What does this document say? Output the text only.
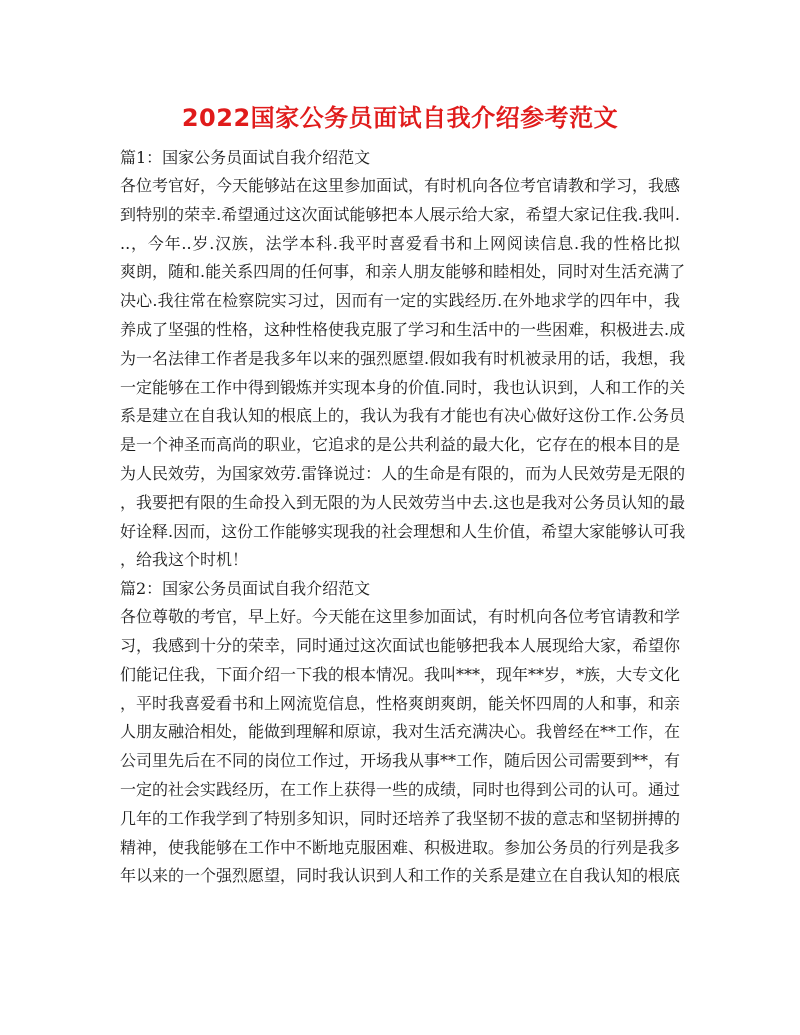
2022国家公务员面试自我介绍参考范文

篇1：国家公务员面试自我介绍范文

各位考官好，今天能够站在这里参加面试，有时机向各位考官请教和学习，我感
到特别的荣幸.希望通过这次面试能够把本人展示给大家，希望大家记住我.我叫.
..，今年..岁.汉族，法学本科.我平时喜爱看书和上网阅读信息.我的性格比拟
爽朗，随和.能关系四周的任何事，和亲人朋友能够和睦相处，同时对生活充满了
决心.我往常在检察院实习过，因而有一定的实践经历.在外地求学的四年中，我
养成了坚强的性格，这种性格使我克服了学习和生活中的一些困难，积极进去.成
为一名法律工作者是我多年以来的强烈愿望.假如我有时机被录用的话，我想，我
一定能够在工作中得到锻炼并实现本身的价值.同时，我也认识到，人和工作的关
系是建立在自我认知的根底上的，我认为我有才能也有决心做好这份工作.公务员
是一个神圣而高尚的职业，它追求的是公共利益的最大化，它存在的根本目的是
为人民效劳，为国家效劳.雷锋说过：人的生命是有限的，而为人民效劳是无限的
，我要把有限的生命投入到无限的为人民效劳当中去.这也是我对公务员认知的最
好诠释.因而，这份工作能够实现我的社会理想和人生价值，希望大家能够认可我
，给我这个时机！

篇2：国家公务员面试自我介绍范文

各位尊敬的考官，早上好。今天能在这里参加面试，有时机向各位考官请教和学
习，我感到十分的荣幸，同时通过这次面试也能够把我本人展现给大家，希望你
们能记住我，下面介绍一下我的根本情况。我叫***，现年**岁，*族，大专文化
，平时我喜爱看书和上网流览信息，性格爽朗爽朗，能关怀四周的人和事，和亲
人朋友融洽相处，能做到理解和原谅，我对生活充满决心。我曾经在**工作，在
公司里先后在不同的岗位工作过，开场我从事**工作，随后因公司需要到**，有
一定的社会实践经历，在工作上获得一些的成绩，同时也得到公司的认可。通过
几年的工作我学到了特别多知识，同时还培养了我坚韧不拔的意志和坚韧拼搏的
精神，使我能够在工作中不断地克服困难、积极进取。参加公务员的行列是我多
年以来的一个强烈愿望，同时我认识到人和工作的关系是建立在自我认知的根底
